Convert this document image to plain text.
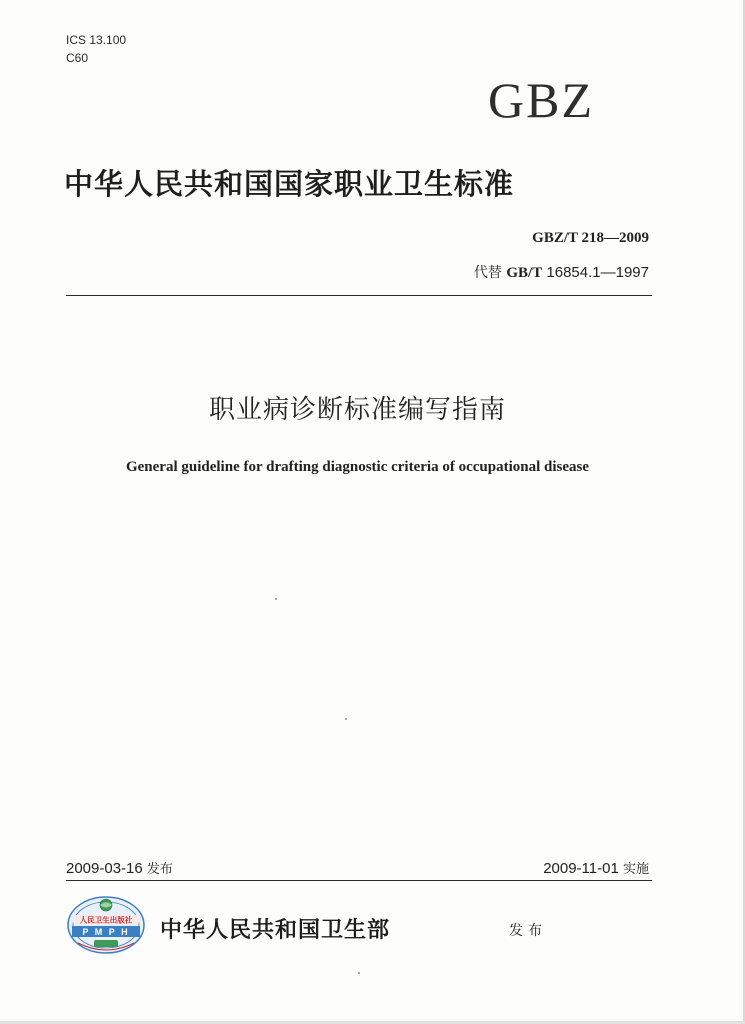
ICS 13.100
C60
GBZ
中华人民共和国国家职业卫生标准
GBZ/T 218—2009
代替 GB/T 16854.1—1997
职业病诊断标准编写指南
General guideline for drafting diagnostic criteria of occupational disease
2009-03-16 发布	2009-11-01 实施
人民卫生出版社
P M P H 中华人民共和国卫生部	发布
